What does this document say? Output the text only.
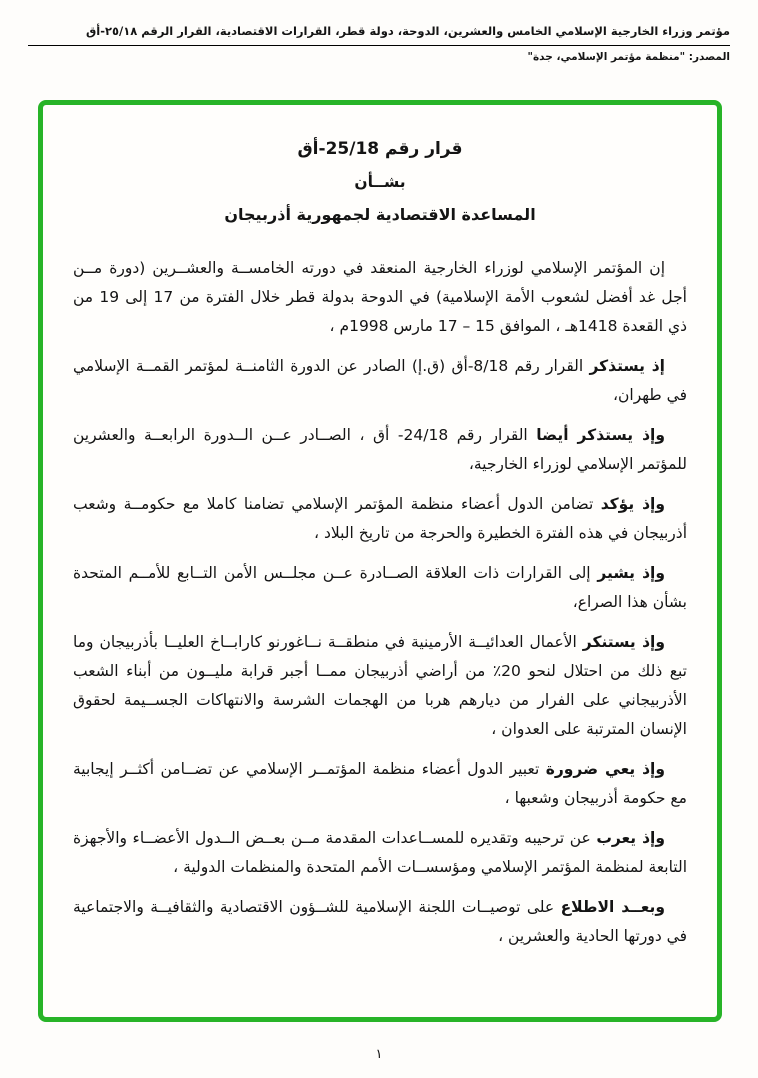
مؤتمر وزراء الخارجية الإسلامي الخامس والعشرين، الدوحة، دولة قطر، القرارات الاقتصادية، القرار الرقم ٢٥/١٨-أق
المصدر: "منظمة مؤتمر الإسلامي، جدة"
قرار رقم 25/18-أق
بشــأن
المساعدة الاقتصادية لجمهورية أذربيجان

إن المؤتمر الإسلامي لوزراء الخارجية المنعقد في دورته الخامســة والعشــرين (دورة مــن أجل غد أفضل لشعوب الأمة الإسلامية) في الدوحة بدولة قطر خلال الفترة من 17 إلى 19 من ذي القعدة 1418هـ ، الموافق 15 – 17 مارس 1998م ،

إذ يستذكر القرار رقم 8/18-أق (ق.إ) الصادر عن الدورة الثامنــة لمؤتمر القمــة الإسلامي في طهران،

وإذ يستذكر أيضا القرار رقم 24/18- أق ، الصــادر عــن الــدورة الرابعــة والعشرين للمؤتمر الإسلامي لوزراء الخارجية،

وإذ يؤكد تضامن الدول أعضاء منظمة المؤتمر الإسلامي تضامنا كاملا مع حكومــة وشعب أذربيجان في هذه الفترة الخطيرة والحرجة من تاريخ البلاد ،

وإذ يشير إلى القرارات ذات العلاقة الصــادرة عــن مجلــس الأمن التــابع للأمــم المتحدة بشأن هذا الصراع،

وإذ يستنكر الأعمال العدائيــة الأرمينية في منطقــة نــاغورنو كارابــاخ العليــا بأذربيجان وما تبع ذلك من احتلال لنحو 20٪ من أراضي أذربيجان ممــا أجبر قرابة مليــون من أبناء الشعب الأذربيجاني على الفرار من ديارهم هربا من الهجمات الشرسة والانتهاكات الجســيمة لحقوق الإنسان المترتبة على العدوان ،

وإذ يعي ضرورة تعبير الدول أعضاء منظمة المؤتمــر الإسلامي عن تضــامن أكثــر إيجابية مع حكومة أذربيجان وشعبها ،

وإذ يعرب عن ترحيبه وتقديره للمســاعدات المقدمة مــن بعــض الــدول الأعضــاء والأجهزة التابعة لمنظمة المؤتمر الإسلامي ومؤسســات الأمم المتحدة والمنظمات الدولية ،

وبعــد الاطلاع على توصيــات اللجنة الإسلامية للشــؤون الاقتصادية والثقافيــة والاجتماعية في دورتها الحادية والعشرين ،

١
